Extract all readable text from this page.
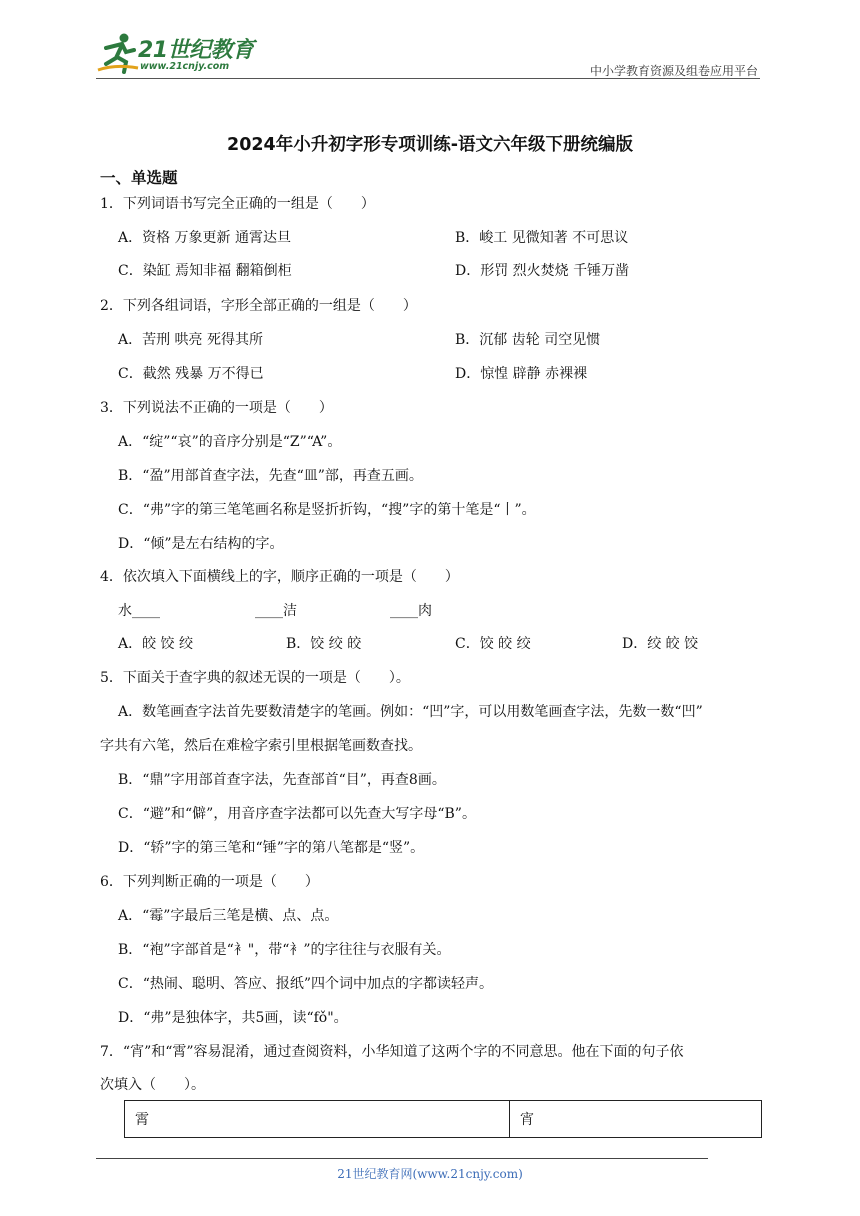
21世纪教育
www.21cnjy.com	中小学教育资源及组卷应用平台
2024年小升初字形专项训练-语文六年级下册统编版
一、单选题
1．下列词语书写完全正确的一组是（　　）
A．资格 万象更新 通霄达旦	B．峻工 见微知著 不可思议
C．染缸 焉知非福 翻箱倒柜	D．形罚 烈火焚烧 千锤万凿
2．下列各组词语，字形全部正确的一组是（　　）
A．苦刑 哄亮 死得其所	B．沉郁 齿轮 司空见惯
C．截然 残暴 万不得已	D．惊惶 辟静 赤裸裸
3．下列说法不正确的一项是（　　）
A．“绽”“哀”的音序分别是“Z”“A”。
B．“盈”用部首查字法，先查“皿”部，再查五画。
C．“弗”字的第三笔笔画名称是竖折折钩，“搜”字的第十笔是“丨”。
D．“倾”是左右结构的字。
4．依次填入下面横线上的字，顺序正确的一项是（　　）
水____	____洁	____肉
A．皎 饺 绞	B．饺 绞 皎	C．饺 皎 绞	D．绞 皎 饺
5．下面关于查字典的叙述无误的一项是（　　）。
A．数笔画查字法首先要数清楚字的笔画。例如：“凹”字，可以用数笔画查字法，先数一数“凹”
字共有六笔，然后在难检字索引里根据笔画数查找。
B．“鼎”字用部首查字法，先查部首“目”，再查8画。
C．“避”和“僻”，用音序查字法都可以先查大写字母“B”。
D．“轿”字的第三笔和“锤”字的第八笔都是“竖”。
6．下列判断正确的一项是（　　）
A．“霉”字最后三笔是横、点、点。
B．“袍”字部首是“衤"，带“衤”的字往往与衣服有关。
C．“热闹、聪明、答应、报纸”四个词中加点的字都读轻声。
D．“弗”是独体字，共5画，读“fǒ"。
7．“宵”和“霄”容易混淆，通过查阅资料，小华知道了这两个字的不同意思。他在下面的句子依
次填入（　　）。
霄	宵
21世纪教育网(www.21cnjy.com)
